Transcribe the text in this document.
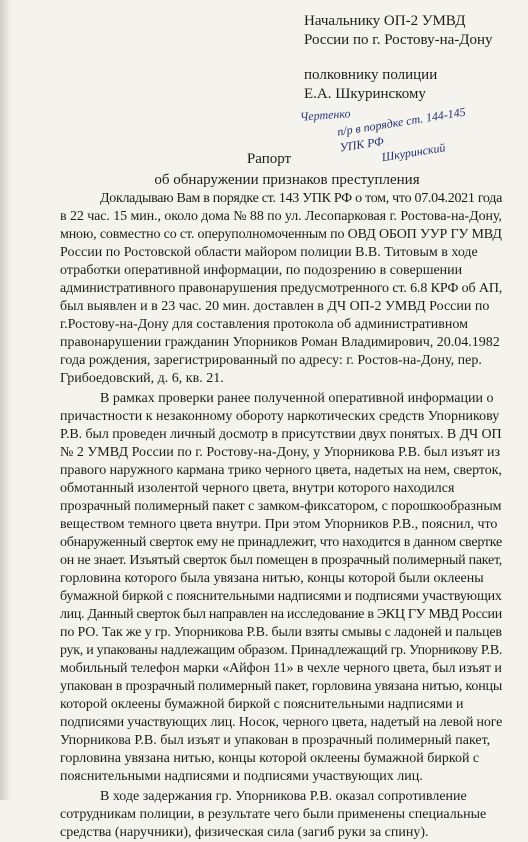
Начальнику ОП-2 УМВД
России по г. Ростову-на-Дону
полковнику полиции
Е.А. Шкуринскому
Чертенко
п/р в порядке ст. 144-145
УПК РФ
Шкуринский
Рапорт
об обнаружении признаков преступления
Докладываю Вам в порядке ст. 143 УПК РФ о том, что 07.04.2021 года
в 22 час. 15 мин., около дома № 88 по ул. Лесопарковая г. Ростова-на-Дону,
мною, совместно со ст. оперуполномоченным по ОВД ОБОП УУР ГУ МВД
России по Ростовской области майором полиции В.В. Титовым в ходе
отработки оперативной информации, по подозрению в совершении
административного правонарушения предусмотренного ст. 6.8 КРФ об АП,
был выявлен и в 23 час. 20 мин. доставлен в ДЧ ОП-2 УМВД России по
г.Ростову-на-Дону для составления протокола об административном
правонарушении гражданин Упорников Роман Владимирович, 20.04.1982
года рождения, зарегистрированный по адресу: г. Ростов-на-Дону, пер.
Грибоедовский, д. 6, кв. 21.
В рамках проверки ранее полученной оперативной информации о
причастности к незаконному обороту наркотических средств Упорникову
Р.В. был проведен личный досмотр в присутствии двух понятых. В ДЧ ОП
№ 2 УМВД России по г. Ростову-на-Дону, у Упорникова Р.В. был изъят из
правого наружного кармана трико черного цвета, надетых на нем, сверток,
обмотанный изолентой черного цвета, внутри которого находился
прозрачный полимерный пакет с замком-фиксатором, с порошкообразным
веществом темного цвета внутри. При этом Упорников Р.В., пояснил, что
обнаруженный сверток ему не принадлежит, что находится в данном свертке
он не знает. Изъятый сверток был помещен в прозрачный полимерный пакет,
горловина которого была увязана нитью, концы которой были оклеены
бумажной биркой с пояснительными надписями и подписями участвующих
лиц. Данный сверток был направлен на исследование в ЭКЦ ГУ МВД России
по РО. Так же у гр. Упорникова Р.В. были взяты смывы с ладоней и пальцев
рук, и упакованы надлежащим образом. Принадлежащий гр. Упорникову Р.В.
мобильный телефон марки «Айфон 11» в чехле черного цвета, был изъят и
упакован в прозрачный полимерный пакет, горловина увязана нитью, концы
которой оклеены бумажной биркой с пояснительными надписями и
подписями участвующих лиц. Носок, черного цвета, надетый на левой ноге
Упорникова Р.В. был изъят и упакован в прозрачный полимерный пакет,
горловина увязана нитью, концы которой оклеены бумажной биркой с
пояснительными надписями и подписями участвующих лиц.
В ходе задержания гр. Упорникова Р.В. оказал сопротивление
сотрудникам полиции, в результате чего были применены специальные
средства (наручники), физическая сила (загиб руки за спину).
